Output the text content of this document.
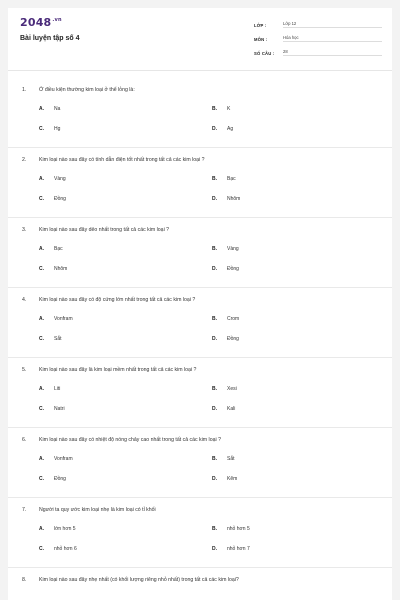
$2048^{.vn}$
Bài luyện tập số 4
LỚP :	Lớp 12
MÔN :	Hóa học
SỐ CÂU :	28
1.	Ở điều kiện thường kim loại ở thể lỏng là:
A.	Na	B.	K
C.	Hg	D.	Ag
2.	Kim loại nào sau đây có tính dẫn điện tốt nhất trong tất cả các kim loại ?
A.	Vàng	B.	Bạc
C.	Đồng	D.	Nhôm
3.	Kim loại nào sau đây dẻo nhất trong tất cả các kim loại ?
A.	Bạc	B.	Vàng
C.	Nhôm	D.	Đồng
4.	Kim loại nào sau đây có độ cứng lớn nhất trong tất cả các kim loại ?
A.	Vonfram	B.	Crom
C.	Sắt	D.	Đồng
5.	Kim loại nào sau đây là kim loại mềm nhất trong tất cả các kim loại ?
A.	Liti	B.	Xesi
C.	Natri	D.	Kali
6.	Kim loại nào sau đây có nhiệt độ nóng chảy cao nhất trong tất cả các kim loại ?
A.	Vonfram	B.	Sắt
C.	Đồng	D.	Kẽm
7.	Người ta quy ước kim loại nhẹ là kim loại có tỉ khối
A.	lớn hơn 5	B.	nhỏ hơn 5
C.	nhỏ hơn 6	D.	nhỏ hơn 7
8.	Kim loại nào sau đây nhẹ nhất (có khối lượng riêng nhỏ nhất) trong tất cả các kim loại?
